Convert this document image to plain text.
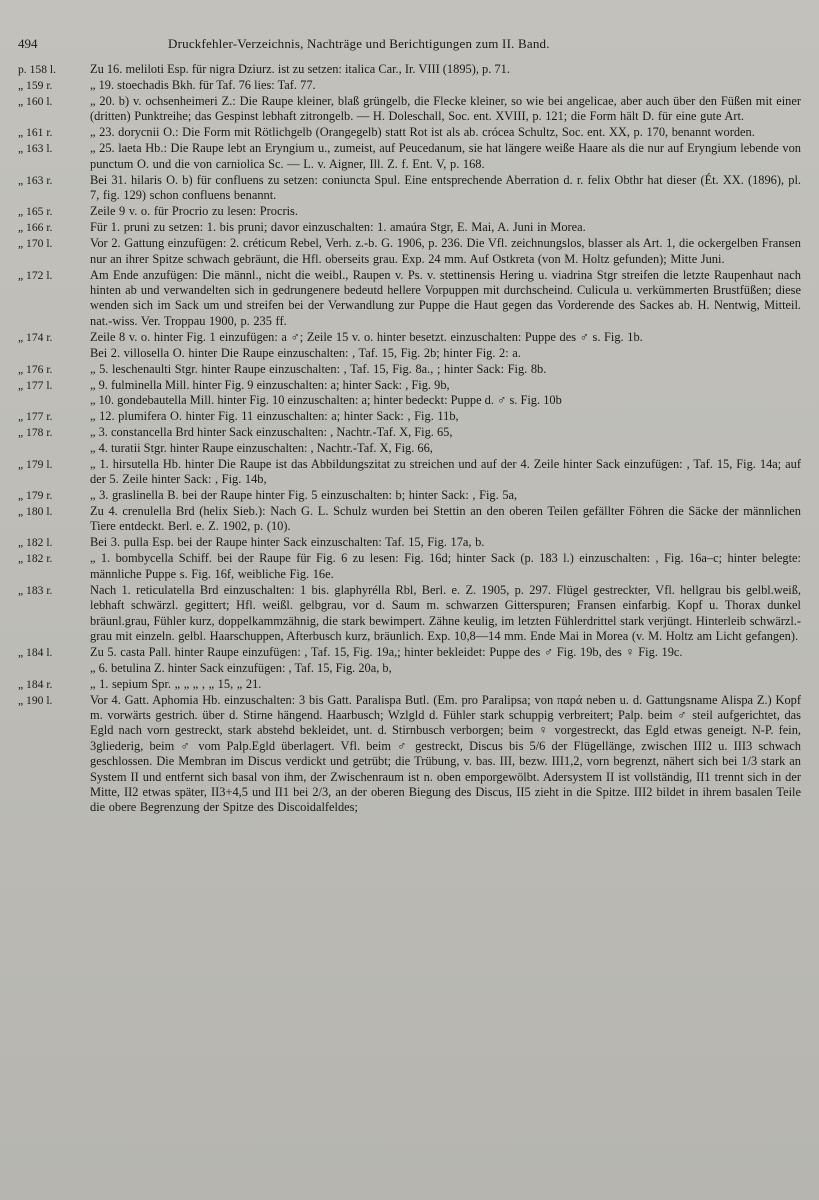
494	Druckfehler-Verzeichnis, Nachträge und Berichtigungen zum II. Band.
p. 158 l.	Zu 16. meliloti Esp. für nigra Dziurz. ist zu setzen: italica Car., Ir. VIII (1895), p. 71.
„ 159 r.	„ 19. stoechadis Bkh. für Taf. 76 lies: Taf. 77.
„ 160 l.	„ 20. b) v. ochsenheimeri Z.: Die Raupe kleiner, blaß grüngelb, die Flecke kleiner, so wie bei angelicae, aber auch über den Füßen mit einer (dritten) Punktreihe; das Gespinst lebhaft zitrongelb. — H. Doleschall, Soc. ent. XVIII, p. 121; die Form hält D. für eine gute Art.
„ 161 r.	„ 23. dorycnii O.: Die Form mit Rötlichgelb (Orangegelb) statt Rot ist als ab. crócea Schultz, Soc. ent. XX, p. 170, benannt worden.
„ 163 l.	„ 25. laeta Hb.: Die Raupe lebt an Eryngium u., zumeist, auf Peucedanum, sie hat längere weiße Haare als die nur auf Eryngium lebende von punctum O. und die von carniolica Sc. — L. v. Aigner, Ill. Z. f. Ent. V, p. 168.
„ 163 r.	Bei 31. hilaris O. b) für confluens zu setzen: coniuncta Spul. Eine entsprechende Aberration d. r. felix Obthr hat dieser (Ét. XX. (1896), pl. 7, fig. 129) schon confluens benannt.
„ 165 r.	Zeile 9 v. o. für Procrio zu lesen: Procris.
„ 166 r.	Für 1. pruni zu setzen: 1. bis pruni; davor einzuschalten: 1. amaúra Stgr, E. Mai, A. Juni in Morea.
„ 170 l.	Vor 2. Gattung einzufügen: 2. créticum Rebel, Verh. z.-b. G. 1906, p. 236. Die Vfl. zeichnungslos, blasser als Art. 1, die ockergelben Fransen nur an ihrer Spitze schwach gebräunt, die Hfl. oberseits grau. Exp. 24 mm. Auf Ostkreta (von M. Holtz gefunden); Mitte Juni.
„ 172 l.	Am Ende anzufügen: Die männl., nicht die weibl., Raupen v. Ps. v. stettinensis Hering u. viadrina Stgr streifen die letzte Raupenhaut nach hinten ab und verwandelten sich in gedrungenere bedeutd hellere Vorpuppen mit durchscheind. Culicula u. verkümmerten Brustfüßen; diese wenden sich im Sack um und streifen bei der Verwandlung zur Puppe die Haut gegen das Vorderende des Sackes ab. H. Nentwig, Mitteil. nat.-wiss. Ver. Troppau 1900, p. 235 ff.
„ 174 r.	Zeile 8 v. o. hinter Fig. 1 einzufügen: a ♂; Zeile 15 v. o. hinter besetzt. einzuschalten: Puppe des ♂ s. Fig. 1b.
Bei 2. villosella O. hinter Die Raupe einzuschalten: , Taf. 15, Fig. 2b; hinter Fig. 2: a.
„ 176 r.	„ 5. leschenaulti Stgr. hinter Raupe einzuschalten: , Taf. 15, Fig. 8a., ; hinter Sack: Fig. 8b.
„ 177 l.	„ 9. fulminella Mill. hinter Fig. 9 einzuschalten: a; hinter Sack: , Fig. 9b,
„ 10. gondebautella Mill. hinter Fig. 10 einzuschalten: a; hinter bedeckt: Puppe d. ♂ s. Fig. 10b
„ 177 r.	„ 12. plumifera O. hinter Fig. 11 einzuschalten: a; hinter Sack: , Fig. 11b,
„ 178 r.	„ 3. constancella Brd hinter Sack einzuschalten: , Nachtr.-Taf. X, Fig. 65,
„ 4. turatii Stgr. hinter Raupe einzuschalten: , Nachtr.-Taf. X, Fig. 66,
„ 179 l.	„ 1. hirsutella Hb. hinter Die Raupe ist das Abbildungszitat zu streichen und auf der 4. Zeile hinter Sack einzufügen: , Taf. 15, Fig. 14a; auf der 5. Zeile hinter Sack: , Fig. 14b,
„ 179 r.	„ 3. graslinella B. bei der Raupe hinter Fig. 5 einzuschalten: b; hinter Sack: , Fig. 5a,
„ 180 l.	Zu 4. crenulella Brd (helix Sieb.): Nach G. L. Schulz wurden bei Stettin an den oberen Teilen gefällter Föhren die Säcke der männlichen Tiere entdeckt. Berl. e. Z. 1902, p. (10).
„ 182 l.	Bei 3. pulla Esp. bei der Raupe hinter Sack einzuschalten: Taf. 15, Fig. 17a, b.
„ 182 r.	„ 1. bombycella Schiff. bei der Raupe für Fig. 6 zu lesen: Fig. 16d; hinter Sack (p. 183 l.) einzuschalten: , Fig. 16a–c; hinter belegte: männliche Puppe s. Fig. 16f, weibliche Fig. 16e.
„ 183 r.	Nach 1. reticulatella Brd einzuschalten: 1 bis. glaphyrélla Rbl, Berl. e. Z. 1905, p. 297. Flügel gestreckter, Vfl. hellgrau bis gelbl.weiß, lebhaft schwärzl. gegittert; Hfl. weißl. gelbgrau, vor d. Saum m. schwarzen Gitterspuren; Fransen einfarbig. Kopf u. Thorax dunkel bräunl.grau, Fühler kurz, doppelkammzähnig, die stark bewimpert. Zähne keulig, im letzten Fühlerdrittel stark verjüngt. Hinterleib schwärzl.-grau mit einzeln. gelbl. Haarschuppen, Afterbusch kurz, bräunlich. Exp. 10,8—14 mm. Ende Mai in Morea (v. M. Holtz am Licht gefangen).
„ 184 l.	Zu 5. casta Pall. hinter Raupe einzufügen: , Taf. 15, Fig. 19a,; hinter bekleidet: Puppe des ♂ Fig. 19b, des ♀ Fig. 19c.
„ 6. betulina Z. hinter Sack einzufügen: , Taf. 15, Fig. 20a, b,
„ 184 r.	„ 1. sepium Spr. „ „ „ , „ 15, „ 21.
„ 190 l.	Vor 4. Gatt. Aphomia Hb. einzuschalten: 3 bis Gatt. Paralispa Butl. (Em. pro Paralipsa; von παρά neben u. d. Gattungsname Alispa Z.) Kopf m. vorwärts gestrich. über d. Stirne hängend. Haarbusch; Wzlgld d. Fühler stark schuppig verbreitert; Palp. beim ♂ steil aufgerichtet, das Egld nach vorn gestreckt, stark abstehd bekleidet, unt. d. Stirnbusch verborgen; beim ♀ vorgestreckt, das Egld etwas geneigt. N-P. fein, 3gliederig, beim ♂ vom Palp.Egld überlagert. Vfl. beim ♂ gestreckt, Discus bis 5/6 der Flügellänge, zwischen III2 u. III3 schwach geschlossen. Die Membran im Discus verdickt und getrübt; die Trübung, v. bas. III, bezw. III1,2, vorn begrenzt, nähert sich bei 1/3 stark an System II und entfernt sich basal von ihm, der Zwischenraum ist n. oben emporgewölbt. Adersystem II ist vollständig, II1 trennt sich in der Mitte, II2 etwas später, II3+4,5 und II1 bei 2/3, an der oberen Biegung des Discus, II5 zieht in die Spitze. III2 bildet in ihrem basalen Teile die obere Begrenzung der Spitze des Discoidalfeldes;
